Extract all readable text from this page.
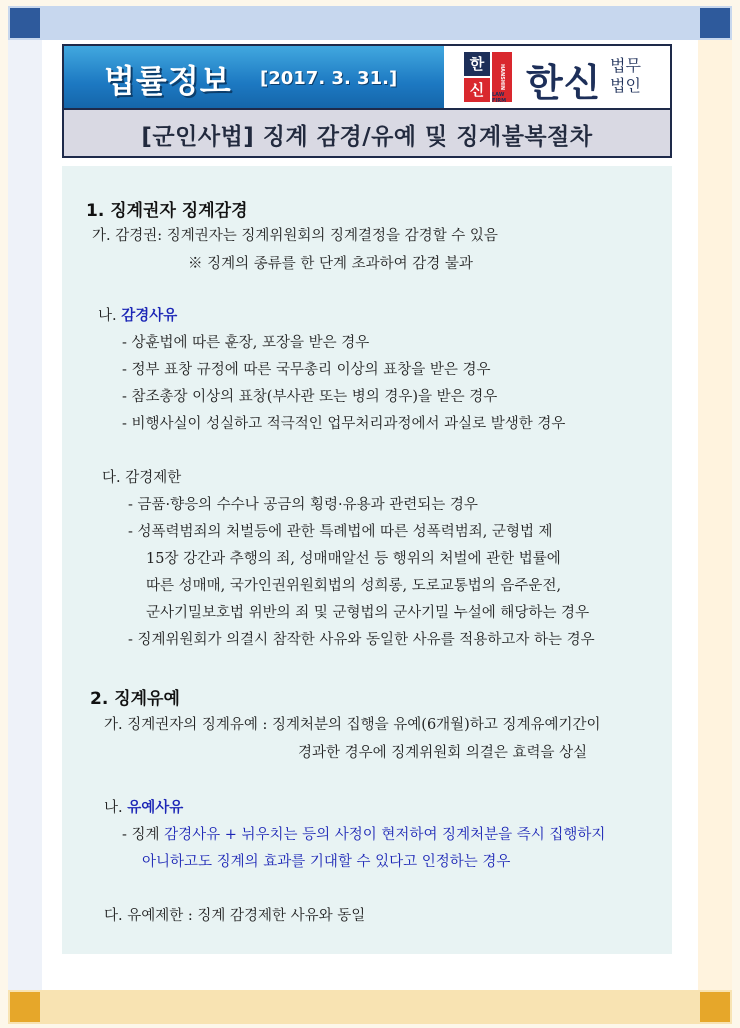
법률정보 [2017. 3. 31.]
한
신	HANSHIN
LAW FIRM 한신 법무
법인
[군인사법] 징계 감경/유예 및 징계불복절차
1. 징계권자 징계감경
가. 감경권: 징계권자는 징계위원회의 징계결정을 감경할 수 있음
※ 징계의 종류를 한 단계 초과하여 감경 불과
나. 감경사유
- 상훈법에 따른 훈장, 포장을 받은 경우
- 정부 표창 규정에 따른 국무총리 이상의 표창을 받은 경우
- 참조총장 이상의 표창(부사관 또는 병의 경우)을 받은 경우
- 비행사실이 성실하고 적극적인 업무처리과정에서 과실로 발생한 경우
다. 감경제한
- 금품·향응의 수수나 공금의 횡령·유용과 관련되는 경우
- 성폭력범죄의 처벌등에 관한 특례법에 따른 성폭력범죄, 군형법 제
15장 강간과 추행의 죄, 성매매알선 등 행위의 처벌에 관한 법률에
따른 성매매, 국가인권위원회법의 성희롱, 도로교통법의 음주운전,
군사기밀보호법 위반의 죄 및 군형법의 군사기밀 누설에 해당하는 경우
- 징계위원회가 의결시 참작한 사유와 동일한 사유를 적용하고자 하는 경우
2. 징계유예
가. 징계권자의 징계유예 : 징계처분의 집행을 유예(6개월)하고 징계유예기간이
경과한 경우에 징계위원회 의결은 효력을 상실
나. 유예사유
- 징계 감경사유 + 뉘우치는 등의 사정이 현저하여 징계처분을 즉시 집행하지
아니하고도 징계의 효과를 기대할 수 있다고 인정하는 경우
다. 유예제한 : 징계 감경제한 사유와 동일
